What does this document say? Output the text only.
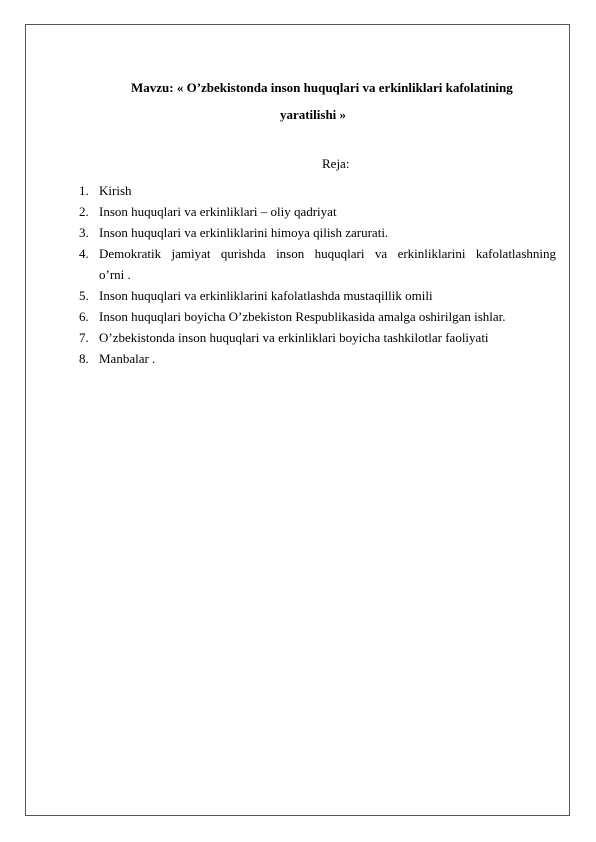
Mavzu: « O’zbekistonda inson huquqlari va erkinliklari kafolatining
yaratilishi »
Reja:
1. Kirish
2. Inson huquqlari va erkinliklari – oliy qadriyat
3. Inson huquqlari va erkinliklarini himoya qilish zarurati.
4. Demokratik jamiyat qurishda inson huquqlari va erkinliklarini kafolatlashning
o’rni .
5. Inson huquqlari va erkinliklarini kafolatlashda mustaqillik omili
6. Inson huquqlari boyicha O’zbekiston Respublikasida amalga oshirilgan ishlar.
7. O’zbekistonda inson huquqlari va erkinliklari boyicha tashkilotlar faoliyati
8. Manbalar .
